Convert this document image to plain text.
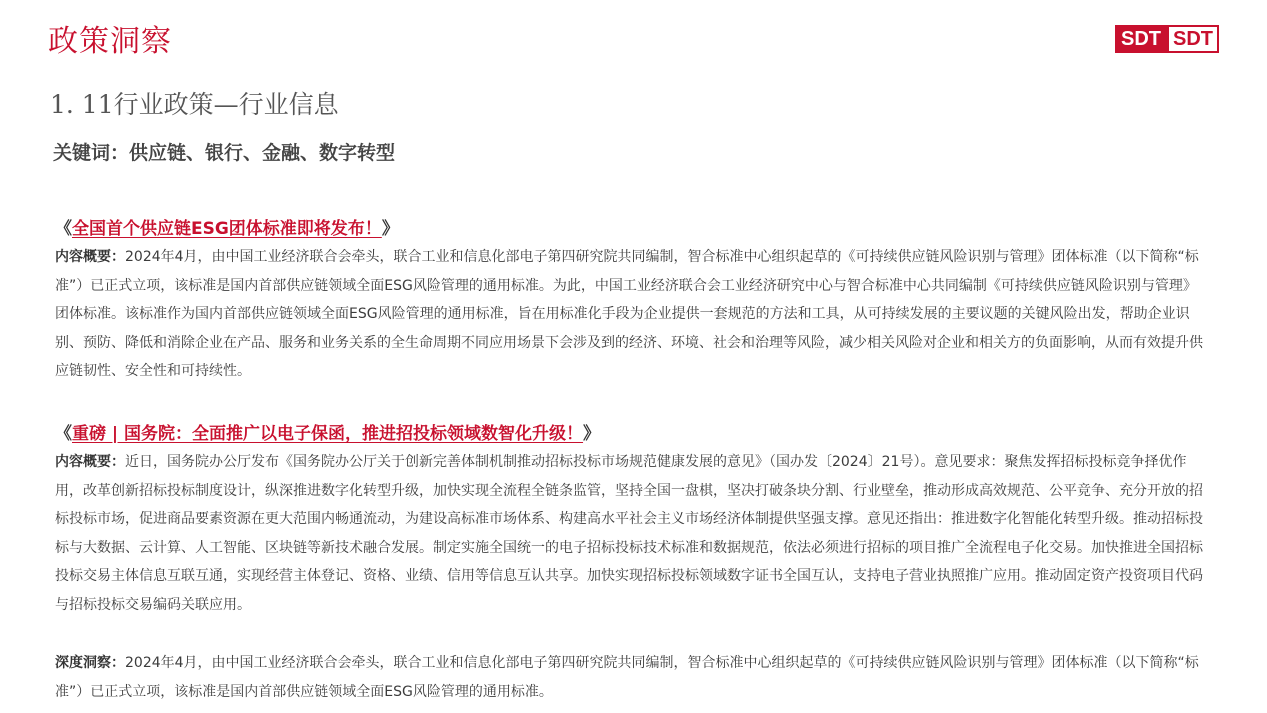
政策洞察	SDT SDT
1. 11行业政策—行业信息
关键词：供应链、银行、金融、数字转型
《全国首个供应链ESG团体标准即将发布！》
内容概要：2024年4月，由中国工业经济联合会牵头，联合工业和信息化部电子第四研究院共同编制，智合标准中心组织起草的《可持续供应链风险识别与管理》团体标准（以下简称“标准”）已正式立项，该标准是国内首部供应链领域全面ESG风险管理的通用标准。为此，中国工业经济联合会工业经济研究中心与智合标准中心共同编制《可持续供应链风险识别与管理》团体标准。该标准作为国内首部供应链领域全面ESG风险管理的通用标准，旨在用标准化手段为企业提供一套规范的方法和工具，从可持续发展的主要议题的关键风险出发，帮助企业识别、预防、降低和消除企业在产品、服务和业务关系的全生命周期不同应用场景下会涉及到的经济、环境、社会和治理等风险，减少相关风险对企业和相关方的负面影响，从而有效提升供应链韧性、安全性和可持续性。
《重磅 | 国务院：全面推广以电子保函，推进招投标领域数智化升级！》
内容概要：近日，国务院办公厅发布《国务院办公厅关于创新完善体制机制推动招标投标市场规范健康发展的意见》（国办发〔2024〕21号）。意见要求：聚焦发挥招标投标竞争择优作用，改革创新招标投标制度设计，纵深推进数字化转型升级，加快实现全流程全链条监管，坚持全国一盘棋，坚决打破条块分割、行业壁垒，推动形成高效规范、公平竞争、充分开放的招标投标市场，促进商品要素资源在更大范围内畅通流动，为建设高标准市场体系、构建高水平社会主义市场经济体制提供坚强支撑。意见还指出：推进数字化智能化转型升级。推动招标投标与大数据、云计算、人工智能、区块链等新技术融合发展。制定实施全国统一的电子招标投标技术标准和数据规范，依法必须进行招标的项目推广全流程电子化交易。加快推进全国招标投标交易主体信息互联互通，实现经营主体登记、资格、业绩、信用等信息互认共享。加快实现招标投标领域数字证书全国互认，支持电子营业执照推广应用。推动固定资产投资项目代码与招标投标交易编码关联应用。
深度洞察：2024年4月，由中国工业经济联合会牵头，联合工业和信息化部电子第四研究院共同编制，智合标准中心组织起草的《可持续供应链风险识别与管理》团体标准（以下简称“标准”）已正式立项，该标准是国内首部供应链领域全面ESG风险管理的通用标准。
